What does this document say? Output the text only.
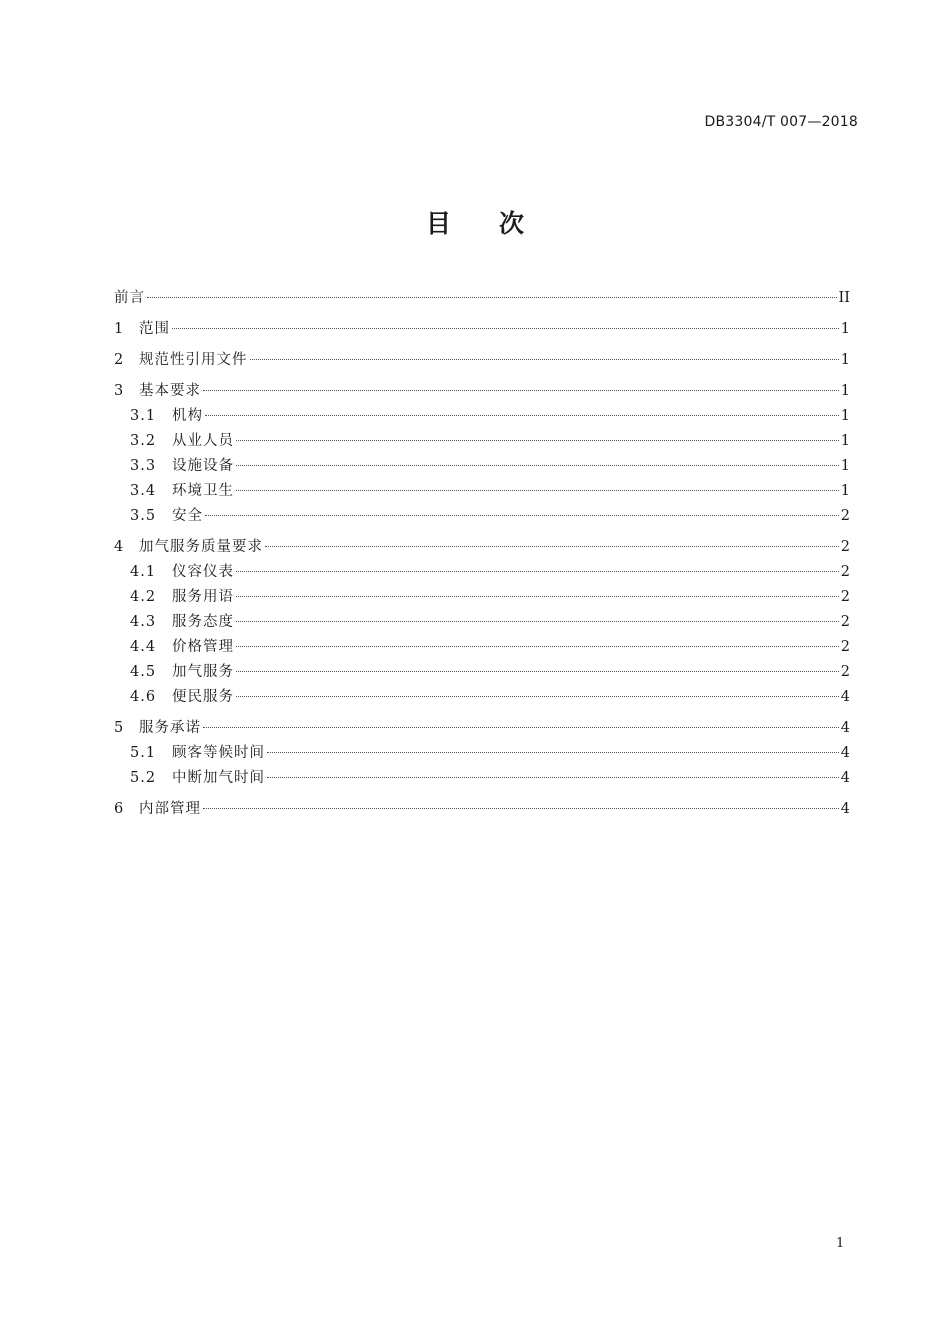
DB3304/T 007—2018
目 次
前言	II
1	范围	1
2	规范性引用文件	1
3	基本要求	1
3.1	机构	1
3.2	从业人员	1
3.3	设施设备	1
3.4	环境卫生	1
3.5	安全	2
4	加气服务质量要求	2
4.1	仪容仪表	2
4.2	服务用语	2
4.3	服务态度	2
4.4	价格管理	2
4.5	加气服务	2
4.6	便民服务	4
5	服务承诺	4
5.1	顾客等候时间	4
5.2	中断加气时间	4
6	内部管理	4
1
